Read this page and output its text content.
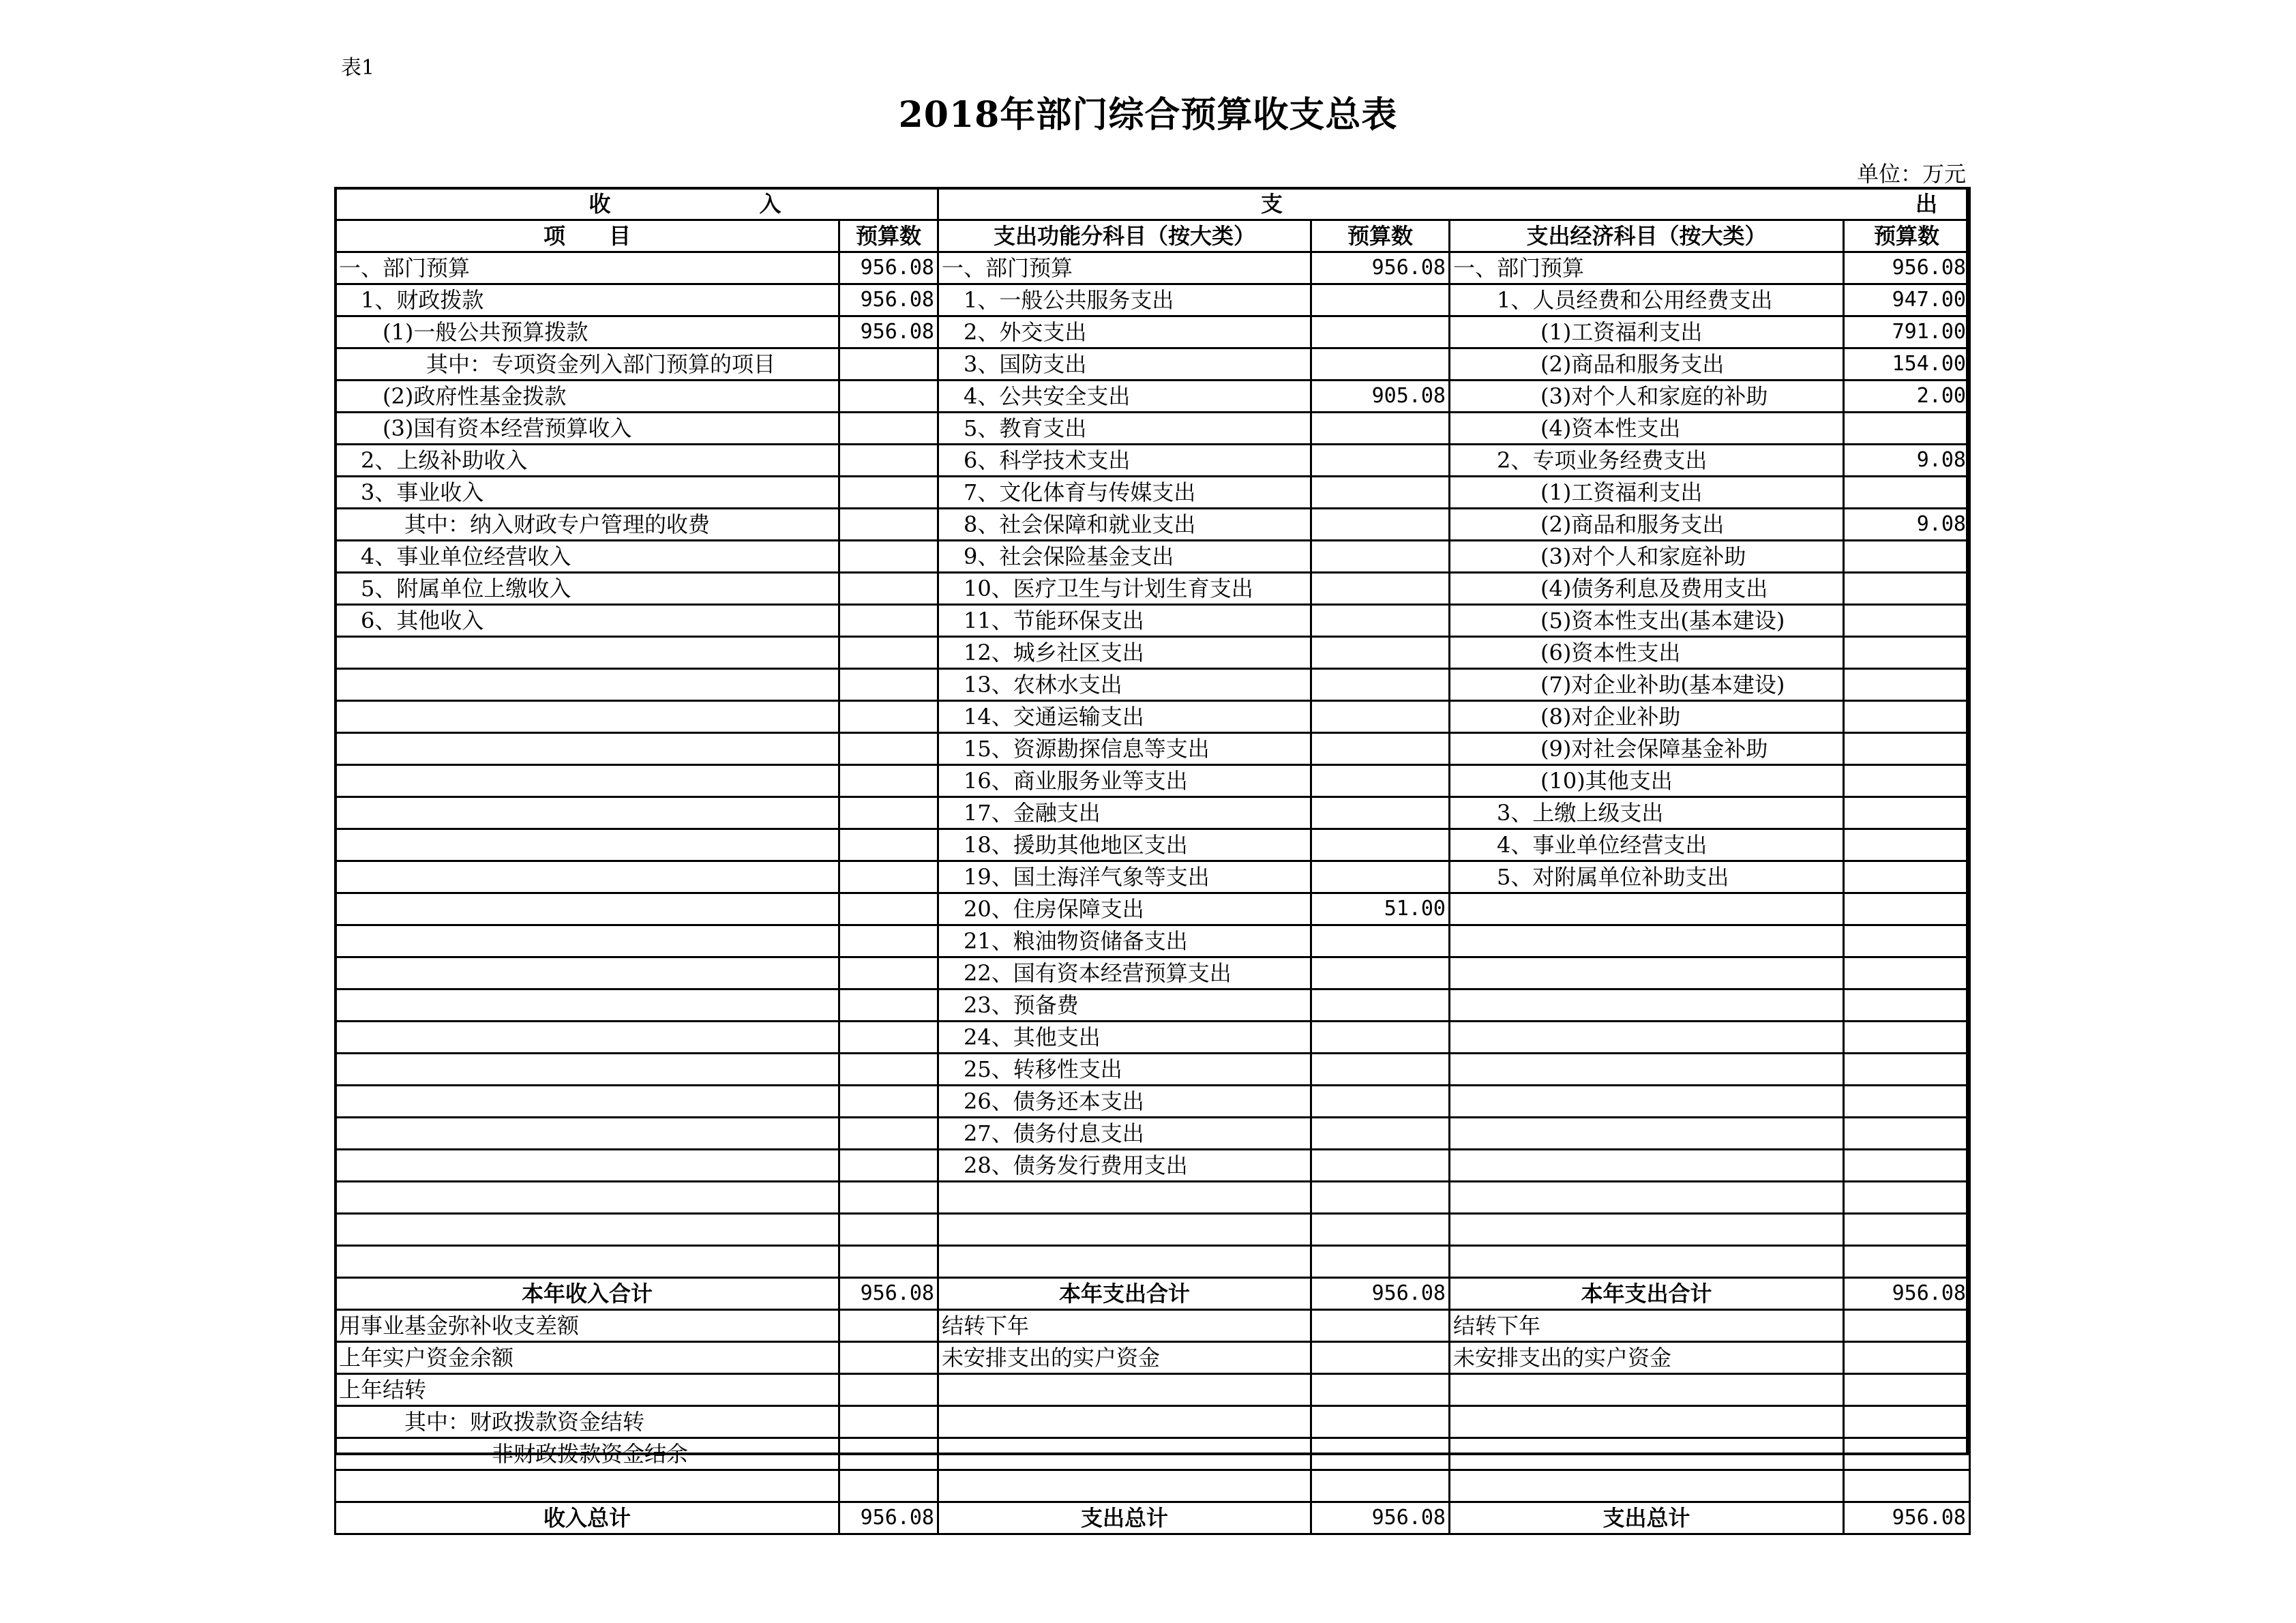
表1
2018年部门综合预算收支总表
单位：万元
收 入		支 出			
项　　目	预算数	支出功能分科目（按大类）	预算数	支出经济科目（按大类）	预算数
一、部门预算	956.08	一、部门预算	956.08	一、部门预算	956.08
　1、财政拨款	956.08	　1、一般公共服务支出		　　1、人员经费和公用经费支出	947.00
　　(1)一般公共预算拨款	956.08	　2、外交支出		　　　　(1)工资福利支出	791.00
　　　　其中：专项资金列入部门预算的项目		　3、国防支出		　　　　(2)商品和服务支出	154.00
　　(2)政府性基金拨款		　4、公共安全支出	905.08	　　　　(3)对个人和家庭的补助	2.00
　　(3)国有资本经营预算收入		　5、教育支出		　　　　(4)资本性支出	
　2、上级补助收入		　6、科学技术支出		　　2、专项业务经费支出	9.08
　3、事业收入		　7、文化体育与传媒支出		　　　　(1)工资福利支出	
　　　其中：纳入财政专户管理的收费		　8、社会保障和就业支出		　　　　(2)商品和服务支出	9.08
　4、事业单位经营收入		　9、社会保险基金支出		　　　　(3)对个人和家庭补助	
　5、附属单位上缴收入		　10、医疗卫生与计划生育支出		　　　　(4)债务利息及费用支出	
　6、其他收入		　11、节能环保支出		　　　　(5)资本性支出(基本建设)	
		　12、城乡社区支出		　　　　(6)资本性支出	
		　13、农林水支出		　　　　(7)对企业补助(基本建设)	
		　14、交通运输支出		　　　　(8)对企业补助	
		　15、资源勘探信息等支出		　　　　(9)对社会保障基金补助	
		　16、商业服务业等支出		　　　　(10)其他支出	
		　17、金融支出		　　3、上缴上级支出	
		　18、援助其他地区支出		　　4、事业单位经营支出	
		　19、国土海洋气象等支出		　　5、对附属单位补助支出	
		　20、住房保障支出	51.00		
		　21、粮油物资储备支出			
		　22、国有资本经营预算支出			
		　23、预备费			
		　24、其他支出			
		　25、转移性支出			
		　26、债务还本支出			
		　27、债务付息支出			
		　28、债务发行费用支出			

本年收入合计	956.08	本年支出合计	956.08	本年支出合计	956.08
用事业基金弥补收支差额		结转下年		结转下年	
上年实户资金余额		未安排支出的实户资金		未安排支出的实户资金	
上年结转					
　　　其中：财政拨款资金结转					
　　　　　　　非财政拨款资金结余					

收入总计	956.08	支出总计	956.08	支出总计	956.08
